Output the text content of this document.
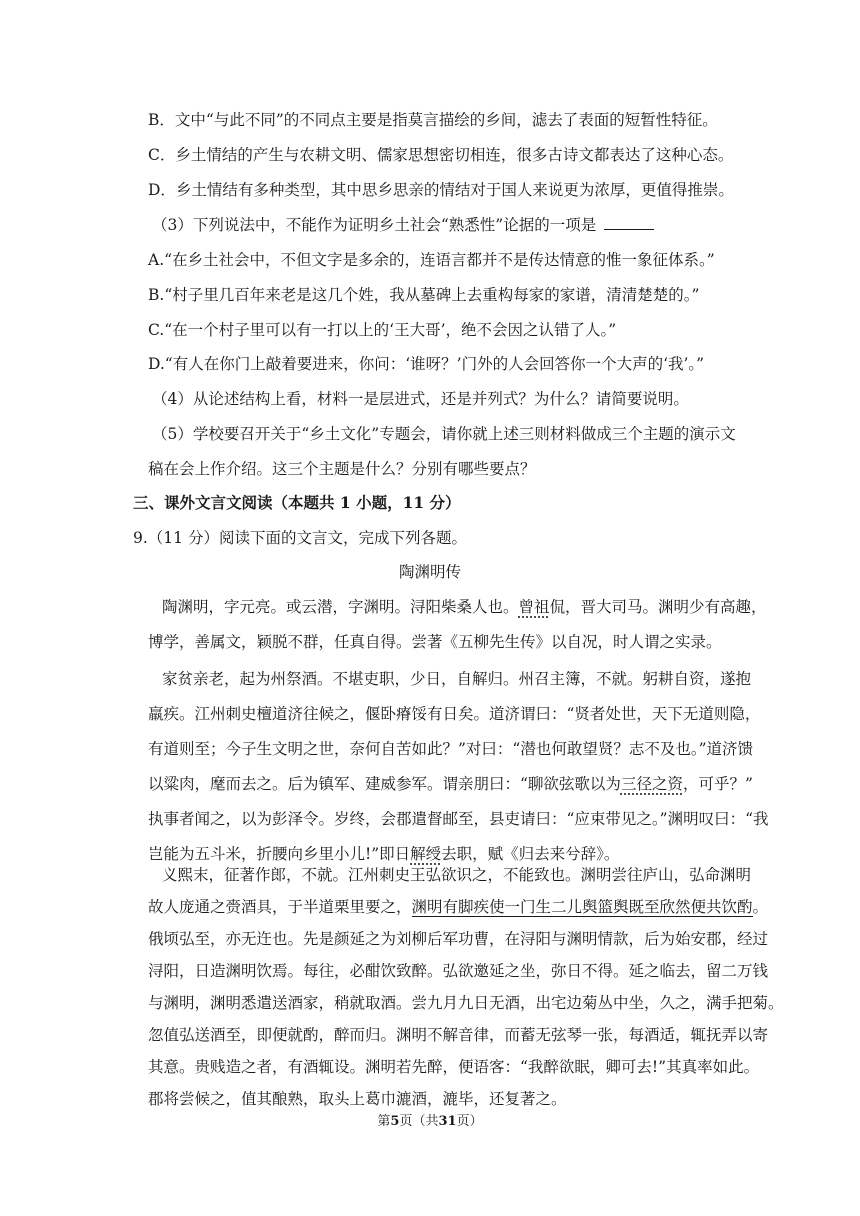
B．文中“与此不同”的不同点主要是指莫言描绘的乡间，滤去了表面的短暂性特征。
C．乡土情结的产生与农耕文明、儒家思想密切相连，很多古诗文都表达了这种心态。
D．乡土情结有多种类型，其中思乡思亲的情结对于国人来说更为浓厚，更值得推崇。
（3）下列说法中，不能作为证明乡土社会“熟悉性”论据的一项是
A.“在乡土社会中，不但文字是多余的，连语言都并不是传达情意的惟一象征体系。”
B.“村子里几百年来老是这几个姓，我从墓碑上去重构每家的家谱，清清楚楚的。”
C.“在一个村子里可以有一打以上的‘王大哥’，绝不会因之认错了人。”
D.“有人在你门上敲着要进来，你问：‘谁呀？’门外的人会回答你一个大声的‘我’。”
（4）从论述结构上看，材料一是层进式，还是并列式？为什么？请简要说明。
（5）学校要召开关于“乡土文化”专题会，请你就上述三则材料做成三个主题的演示文
稿在会上作介绍。这三个主题是什么？分别有哪些要点？
三、课外文言文阅读（本题共 1 小题，11 分）
9.（11 分）阅读下面的文言文，完成下列各题。
陶渊明传
陶渊明，字元亮。或云潜，字渊明。浔阳柴桑人也。曾祖侃，晋大司马。渊明少有高趣，
博学，善属文，颖脱不群，任真自得。尝著《五柳先生传》以自况，时人谓之实录。
家贫亲老，起为州祭酒。不堪吏职，少日，自解归。州召主簿，不就。躬耕自资，遂抱
羸疾。江州刺史檀道济往候之，偃卧瘠馁有日矣。道济谓曰：“贤者处世，天下无道则隐，
有道则至；今子生文明之世，奈何自苦如此？”对曰：“潜也何敢望贤？志不及也。”道济馈
以粱肉，麾而去之。后为镇军、建威参军。谓亲朋曰：“聊欲弦歌以为三径之资，可乎？”
执事者闻之，以为彭泽令。岁终，会郡遣督邮至，县吏请曰：“应束带见之。”渊明叹曰：“我
岂能为五斗米，折腰向乡里小儿!”即日解绶去职，赋《归去来兮辞》。
义熙末，征著作郎，不就。江州刺史王弘欲识之，不能致也。渊明尝往庐山，弘命渊明
故人庞通之赍酒具，于半道栗里要之，渊明有脚疾使一门生二儿舆篮舆既至欣然便共饮酌。
俄顷弘至，亦无迕也。先是颜延之为刘柳后军功曹，在浔阳与渊明情款，后为始安郡，经过
浔阳，日造渊明饮焉。每往，必酣饮致醉。弘欲邀延之坐，弥日不得。延之临去，留二万钱
与渊明，渊明悉遣送酒家，稍就取酒。尝九月九日无酒，出宅边菊丛中坐，久之，满手把菊。
忽值弘送酒至，即便就酌，醉而归。渊明不解音律，而蓄无弦琴一张，每酒适，辄抚弄以寄
其意。贵贱造之者，有酒辄设。渊明若先醉，便语客：“我醉欲眠，卿可去!”其真率如此。
第5页（共31页）
郡将尝候之，值其酿熟，取头上葛巾漉酒，漉毕，还复著之。
